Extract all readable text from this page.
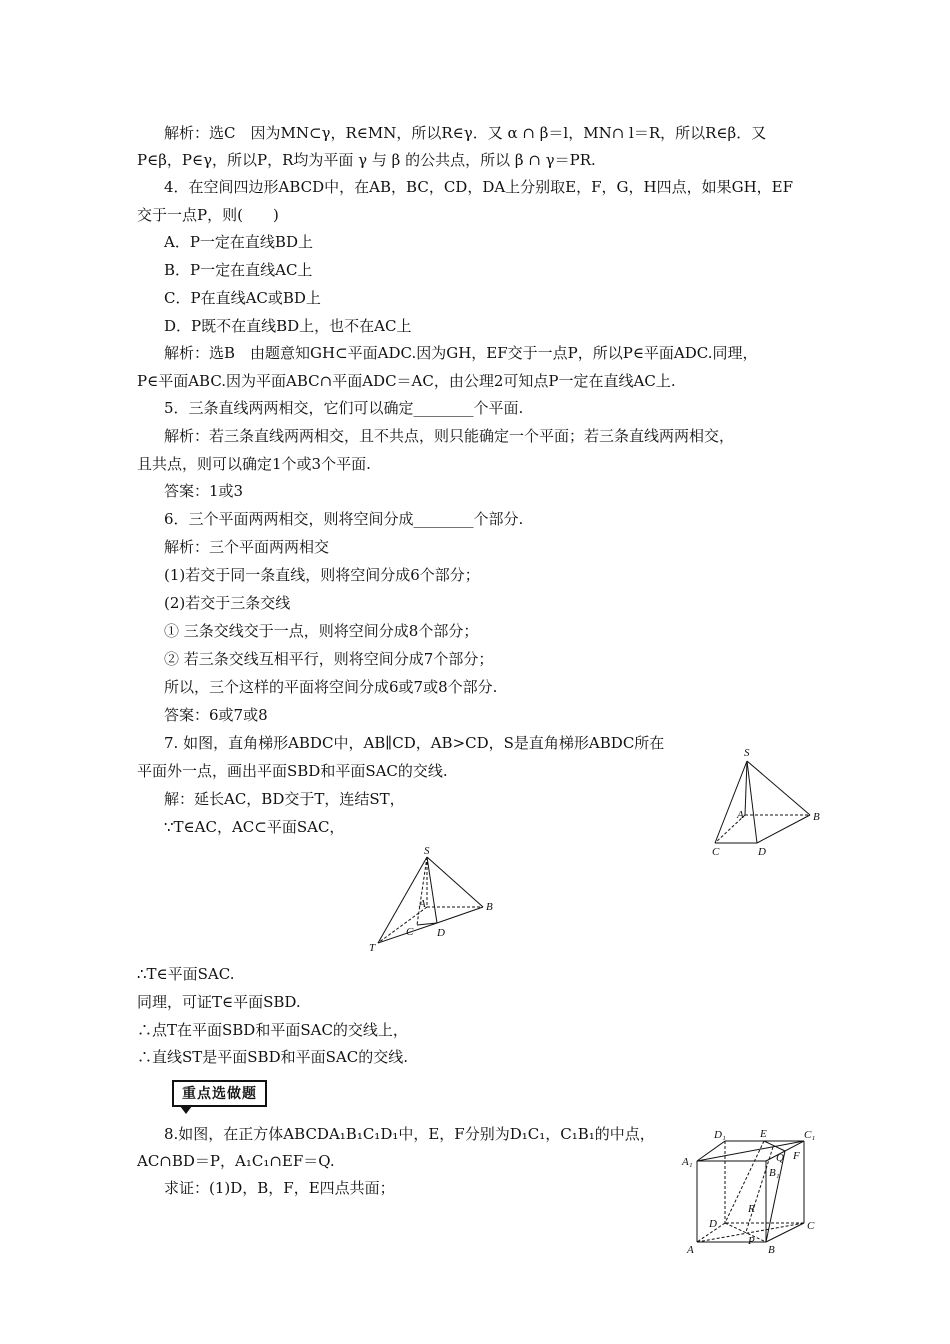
解析：选C　因为MN⊂γ，R∈MN，所以R∈γ．又 α ∩ β＝l，MN∩ l＝R，所以R∈β．又
P∈β，P∈γ，所以P，R均为平面 γ 与 β 的公共点，所以 β ∩ γ＝PR.
4．在空间四边形ABCD中，在AB，BC，CD，DA上分别取E，F，G，H四点，如果GH，EF
交于一点P，则(　　)
A．P一定在直线BD上
B．P一定在直线AC上
C．P在直线AC或BD上
D．P既不在直线BD上，也不在AC上
解析：选B　由题意知GH⊂平面ADC.因为GH，EF交于一点P，所以P∈平面ADC.同理，
P∈平面ABC.因为平面ABC∩平面ADC＝AC，由公理2可知点P一定在直线AC上.
5．三条直线两两相交，它们可以确定________个平面.
解析：若三条直线两两相交，且不共点，则只能确定一个平面；若三条直线两两相交，
且共点，则可以确定1个或3个平面.
答案：1或3
6．三个平面两两相交，则将空间分成________个部分.
解析：三个平面两两相交
(1)若交于同一条直线，则将空间分成6个部分；
(2)若交于三条交线
① 三条交线交于一点，则将空间分成8个部分；
② 若三条交线互相平行，则将空间分成7个部分；
所以，三个这样的平面将空间分成6或7或8个部分.
答案：6或7或8
7. 如图，直角梯形ABDC中，AB∥CD，AB>CD，S是直角梯形ABDC所在
平面外一点，画出平面SBD和平面SAC的交线.
解：延长AC，BD交于T，连结ST，
∵T∈AC，AC⊂平面SAC，
S
A	B
C	D
S
A	B
C D
T
∴T∈平面SAC.
同理，可证T∈平面SBD.
∴点T在平面SBD和平面SAC的交线上，
∴直线ST是平面SBD和平面SAC的交线.
重点选做题
8.如图，在正方体ABCDA₁B₁C₁D₁中，E，F分别为D₁C₁，C₁B₁的中点，
AC∩BD＝P，A₁C₁∩EF＝Q.
求证：(1)D，B，F，E四点共面；
D₁	E	C₁
A₁	Q F
B₁
R
D	C
A
P
B
